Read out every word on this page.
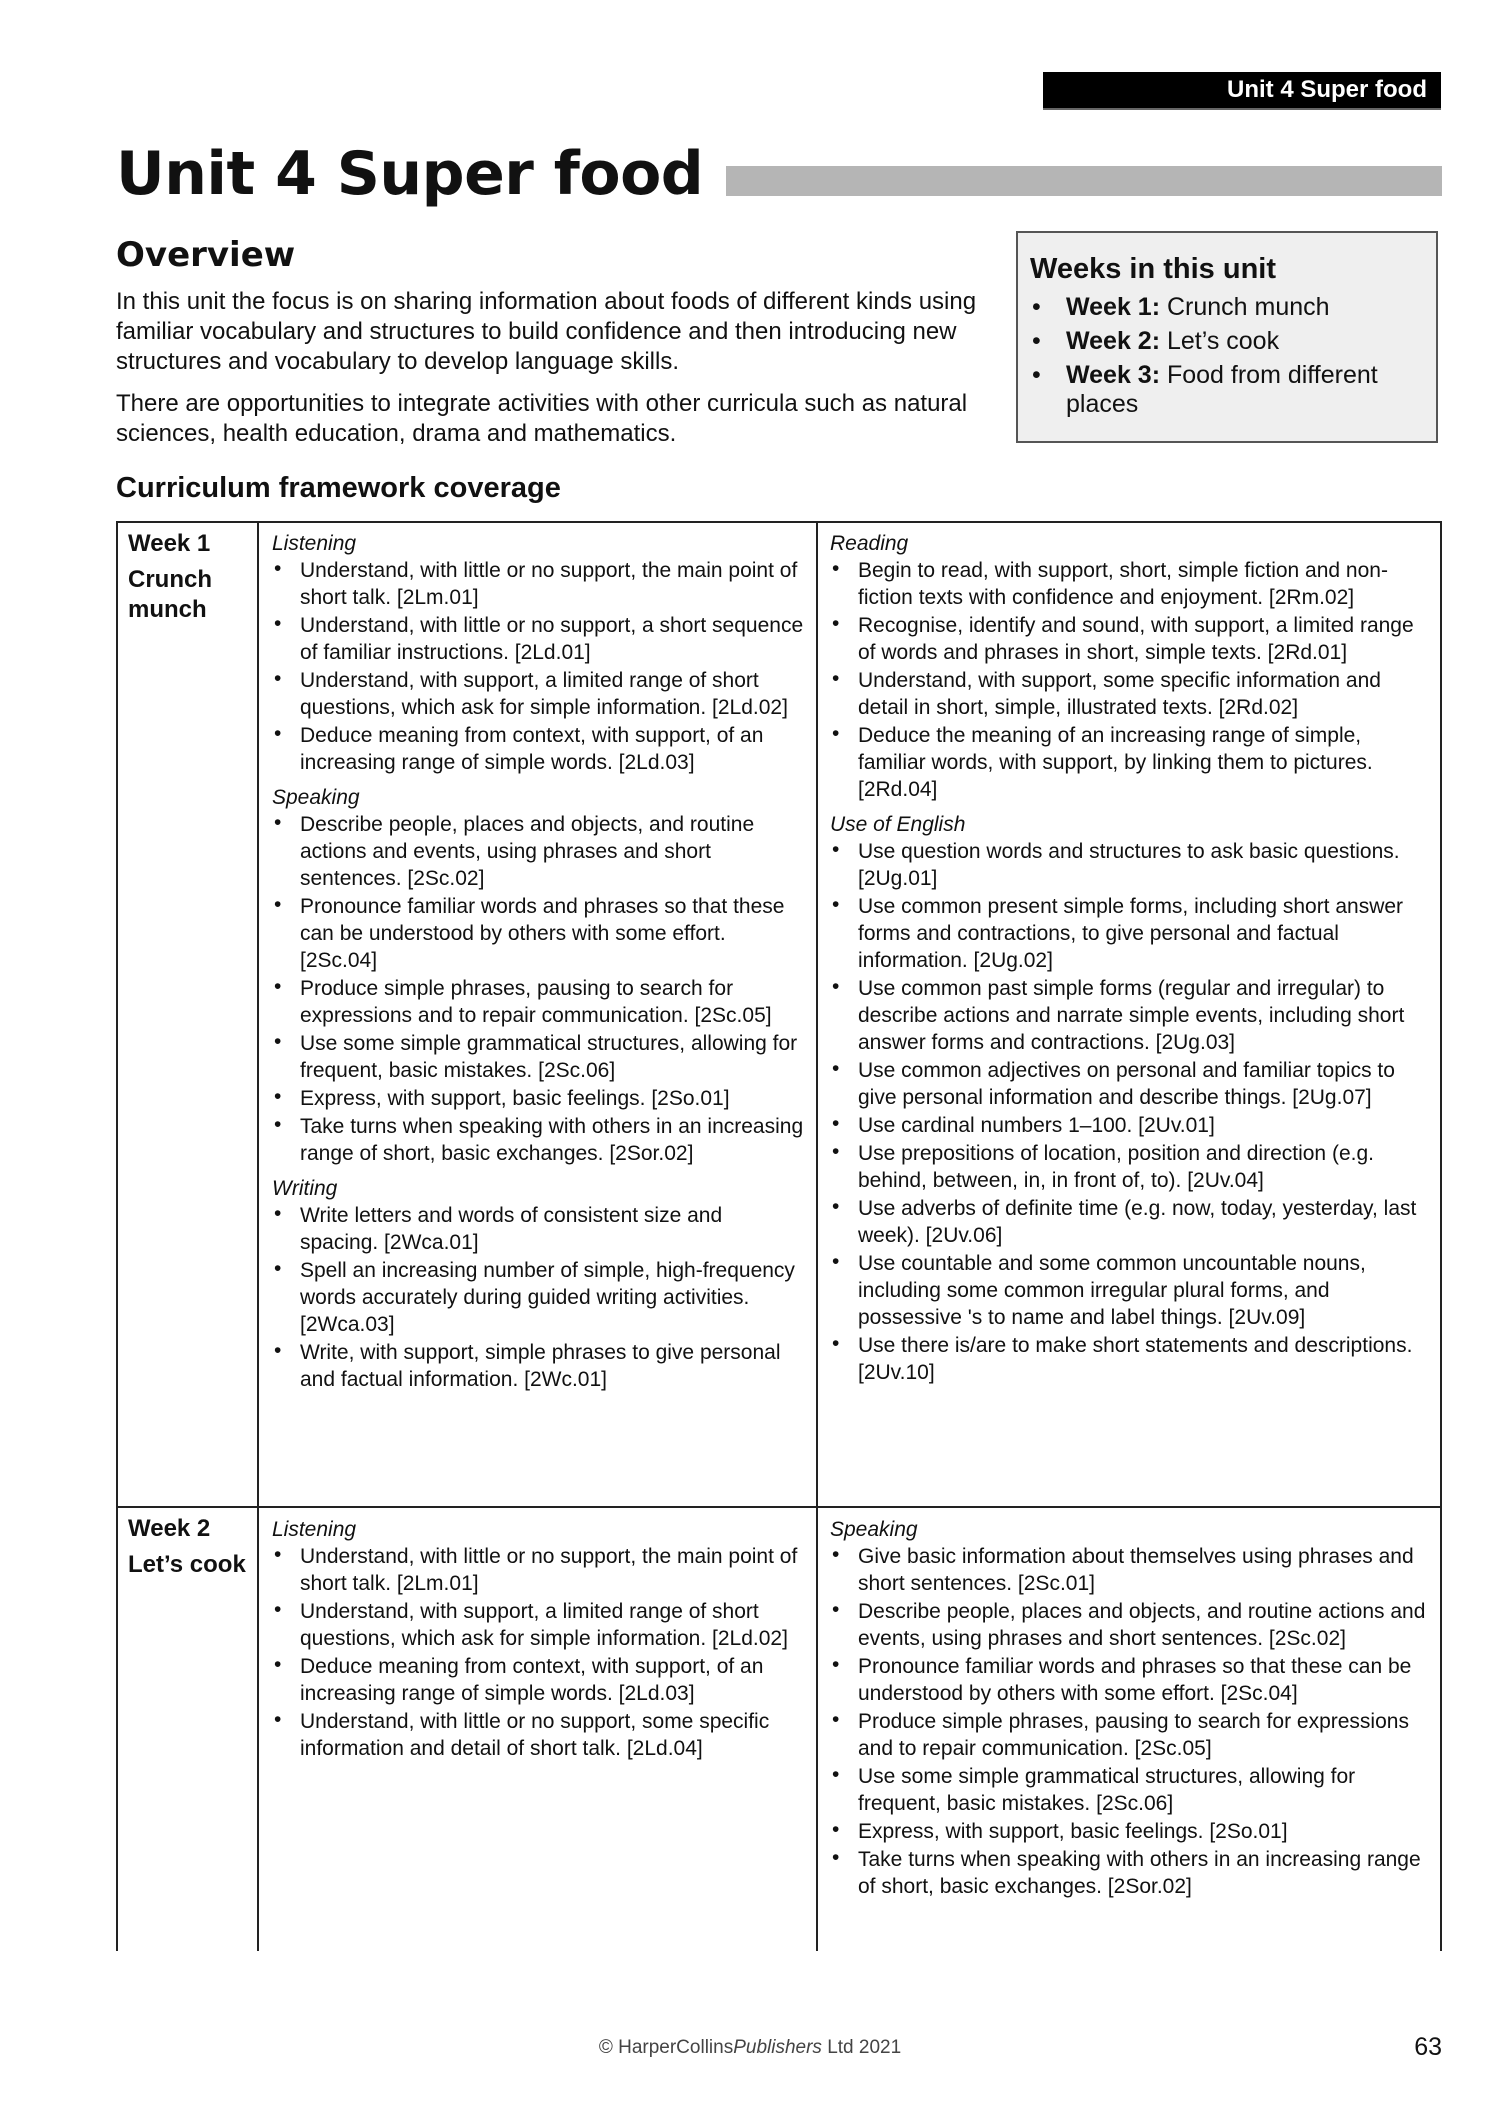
Unit 4 Super food
Unit 4 Super food
Overview

In this unit the focus is on sharing information about foods of different kinds using familiar vocabulary and structures to build confidence and then introducing new structures and vocabulary to develop language skills.

There are opportunities to integrate activities with other curricula such as natural sciences, health education, drama and mathematics.

Weeks in this unit
• Week 1: Crunch munch
• Week 2: Let’s cook
• Week 3: Food from different places
Curriculum framework coverage
Week 1
Crunch munch
Listening
• Understand, with little or no support, the main point of short talk. [2Lm.01]
• Understand, with little or no support, a short sequence of familiar instructions. [2Ld.01]
• Understand, with support, a limited range of short questions, which ask for simple information. [2Ld.02]
• Deduce meaning from context, with support, of an increasing range of simple words. [2Ld.03]
Speaking
• Describe people, places and objects, and routine actions and events, using phrases and short sentences. [2Sc.02]
• Pronounce familiar words and phrases so that these can be understood by others with some effort. [2Sc.04]
• Produce simple phrases, pausing to search for expressions and to repair communication. [2Sc.05]
• Use some simple grammatical structures, allowing for frequent, basic mistakes. [2Sc.06]
• Express, with support, basic feelings. [2So.01]
• Take turns when speaking with others in an increasing range of short, basic exchanges. [2Sor.02]
Writing
• Write letters and words of consistent size and spacing. [2Wca.01]
• Spell an increasing number of simple, high-frequency words accurately during guided writing activities. [2Wca.03]
• Write, with support, simple phrases to give personal and factual information. [2Wc.01]
Reading
• Begin to read, with support, short, simple fiction and non-fiction texts with confidence and enjoyment. [2Rm.02]
• Recognise, identify and sound, with support, a limited range of words and phrases in short, simple texts. [2Rd.01]
• Understand, with support, some specific information and detail in short, simple, illustrated texts. [2Rd.02]
• Deduce the meaning of an increasing range of simple, familiar words, with support, by linking them to pictures. [2Rd.04]
Use of English
• Use question words and structures to ask basic questions. [2Ug.01]
• Use common present simple forms, including short answer forms and contractions, to give personal and factual information. [2Ug.02]
• Use common past simple forms (regular and irregular) to describe actions and narrate simple events, including short answer forms and contractions. [2Ug.03]
• Use common adjectives on personal and familiar topics to give personal information and describe things. [2Ug.07]
• Use cardinal numbers 1–100. [2Uv.01]
• Use prepositions of location, position and direction (e.g. behind, between, in, in front of, to). [2Uv.04]
• Use adverbs of definite time (e.g. now, today, yesterday, last week). [2Uv.06]
• Use countable and some common uncountable nouns, including some common irregular plural forms, and possessive 's to name and label things. [2Uv.09]
• Use there is/are to make short statements and descriptions. [2Uv.10]
Week 2
Let’s cook
Listening
• Understand, with little or no support, the main point of short talk. [2Lm.01]
• Understand, with support, a limited range of short questions, which ask for simple information. [2Ld.02]
• Deduce meaning from context, with support, of an increasing range of simple words. [2Ld.03]
• Understand, with little or no support, some specific information and detail of short talk. [2Ld.04]
Speaking
• Give basic information about themselves using phrases and short sentences. [2Sc.01]
• Describe people, places and objects, and routine actions and events, using phrases and short sentences. [2Sc.02]
• Pronounce familiar words and phrases so that these can be understood by others with some effort. [2Sc.04]
• Produce simple phrases, pausing to search for expressions and to repair communication. [2Sc.05]
• Use some simple grammatical structures, allowing for frequent, basic mistakes. [2Sc.06]
• Express, with support, basic feelings. [2So.01]
• Take turns when speaking with others in an increasing range of short, basic exchanges. [2Sor.02]
© HarperCollinsPublishers Ltd 2021	63
